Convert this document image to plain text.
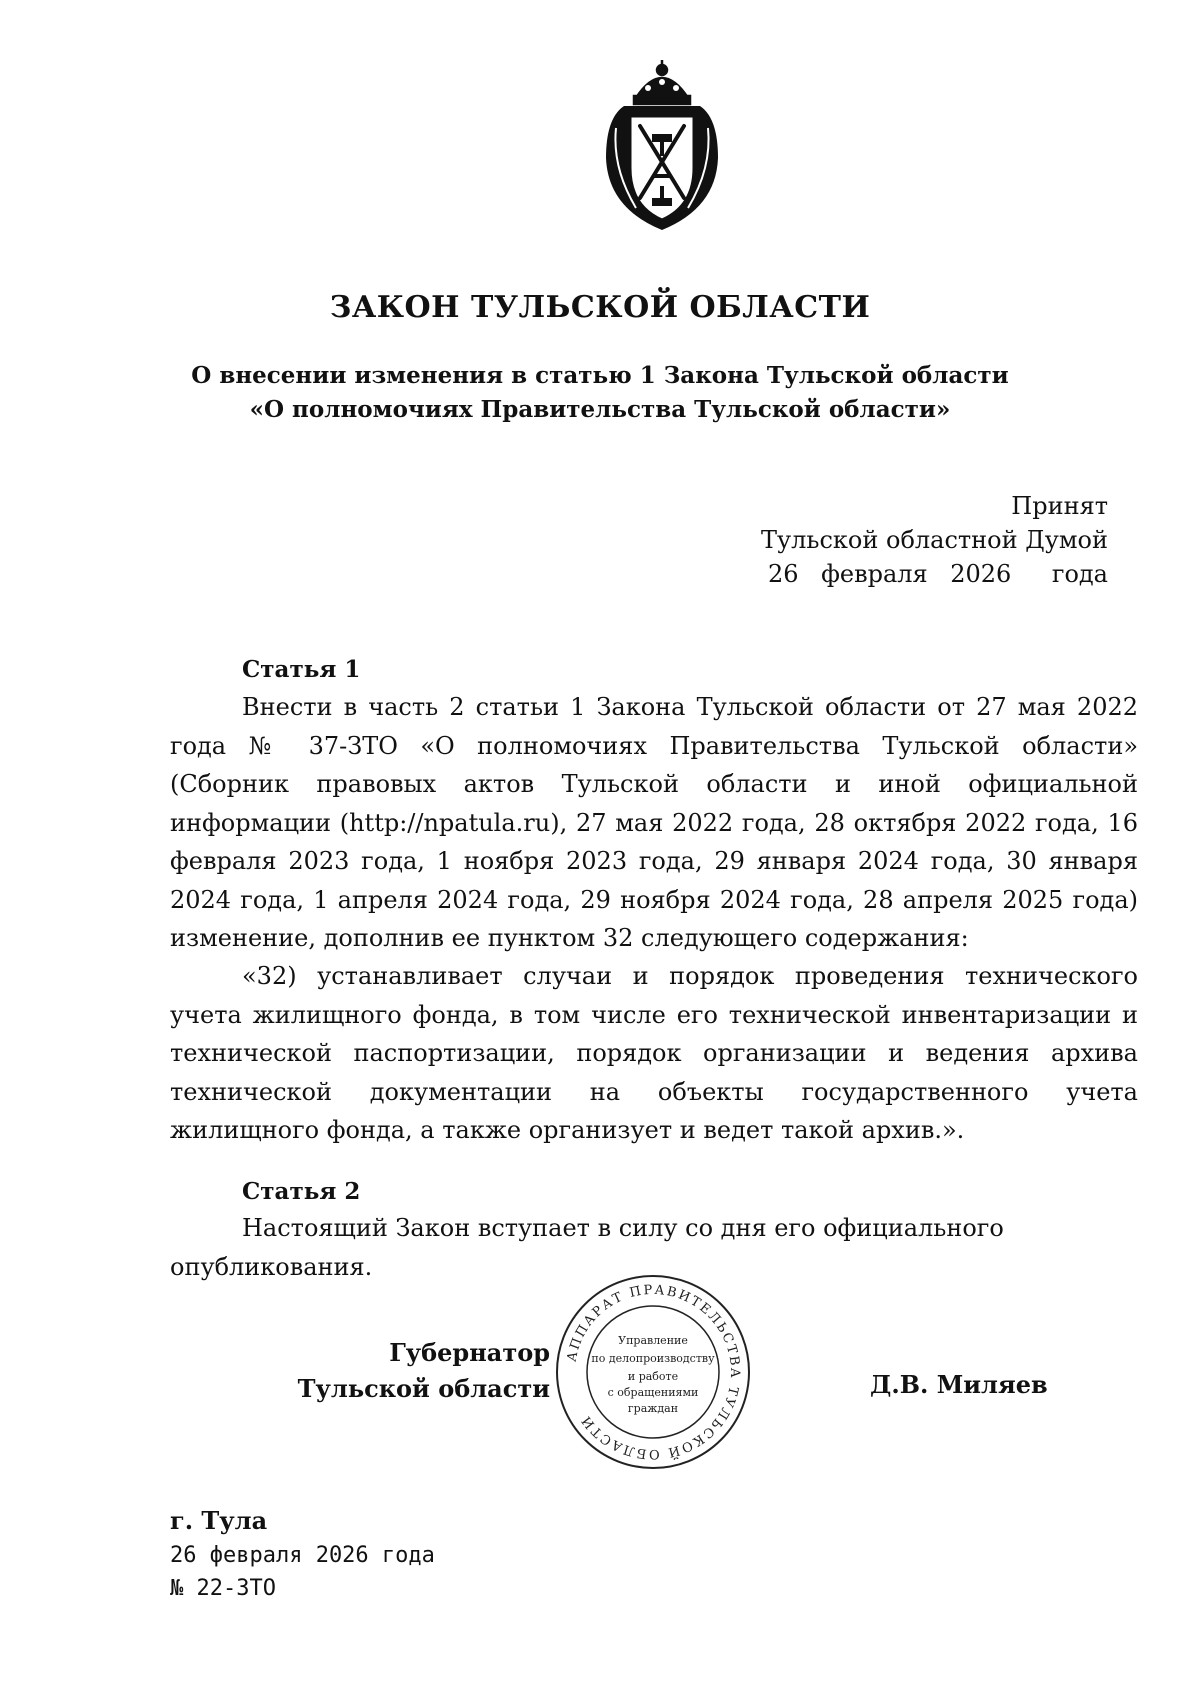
ЗАКОН ТУЛЬСКОЙ ОБЛАСТИ
О внесении изменения в статью 1 Закона Тульской области
«О полномочиях Правительства Тульской области»
Принят
Тульской областной Думой
26 февраля 2026 года
Статья 1
Внести в часть 2 статьи 1 Закона Тульской области от 27 мая 2022 года № 37-ЗТО «О полномочиях Правительства Тульской области» (Сборник правовых актов Тульской области и иной официальной информации (http://npatula.ru), 27 мая 2022 года, 28 октября 2022 года, 16 февраля 2023 года, 1 ноября 2023 года, 29 января 2024 года, 30 января 2024 года, 1 апреля 2024 года, 29 ноября 2024 года, 28 апреля 2025 года) изменение, дополнив ее пунктом 32 следующего содержания:
«32) устанавливает случаи и порядок проведения технического учета жилищного фонда, в том числе его технической инвентаризации и технической паспортизации, порядок организации и ведения архива технической документации на объекты государственного учета жилищного фонда, а также организует и ведет такой архив.».
Статья 2
Настоящий Закон вступает в силу со дня его официального опубликования.
АППАРАТ ПРАВИТЕЛЬСТВА ТУЛЬСКОЙ ОБЛАСТИ
Управление
по делопроизводству
и работе
с обращениями
граждан
Губернатор
Тульской области	Д.В. Миляев
г. Тула
26 февраля 2026 года
№ 22-ЗТО
